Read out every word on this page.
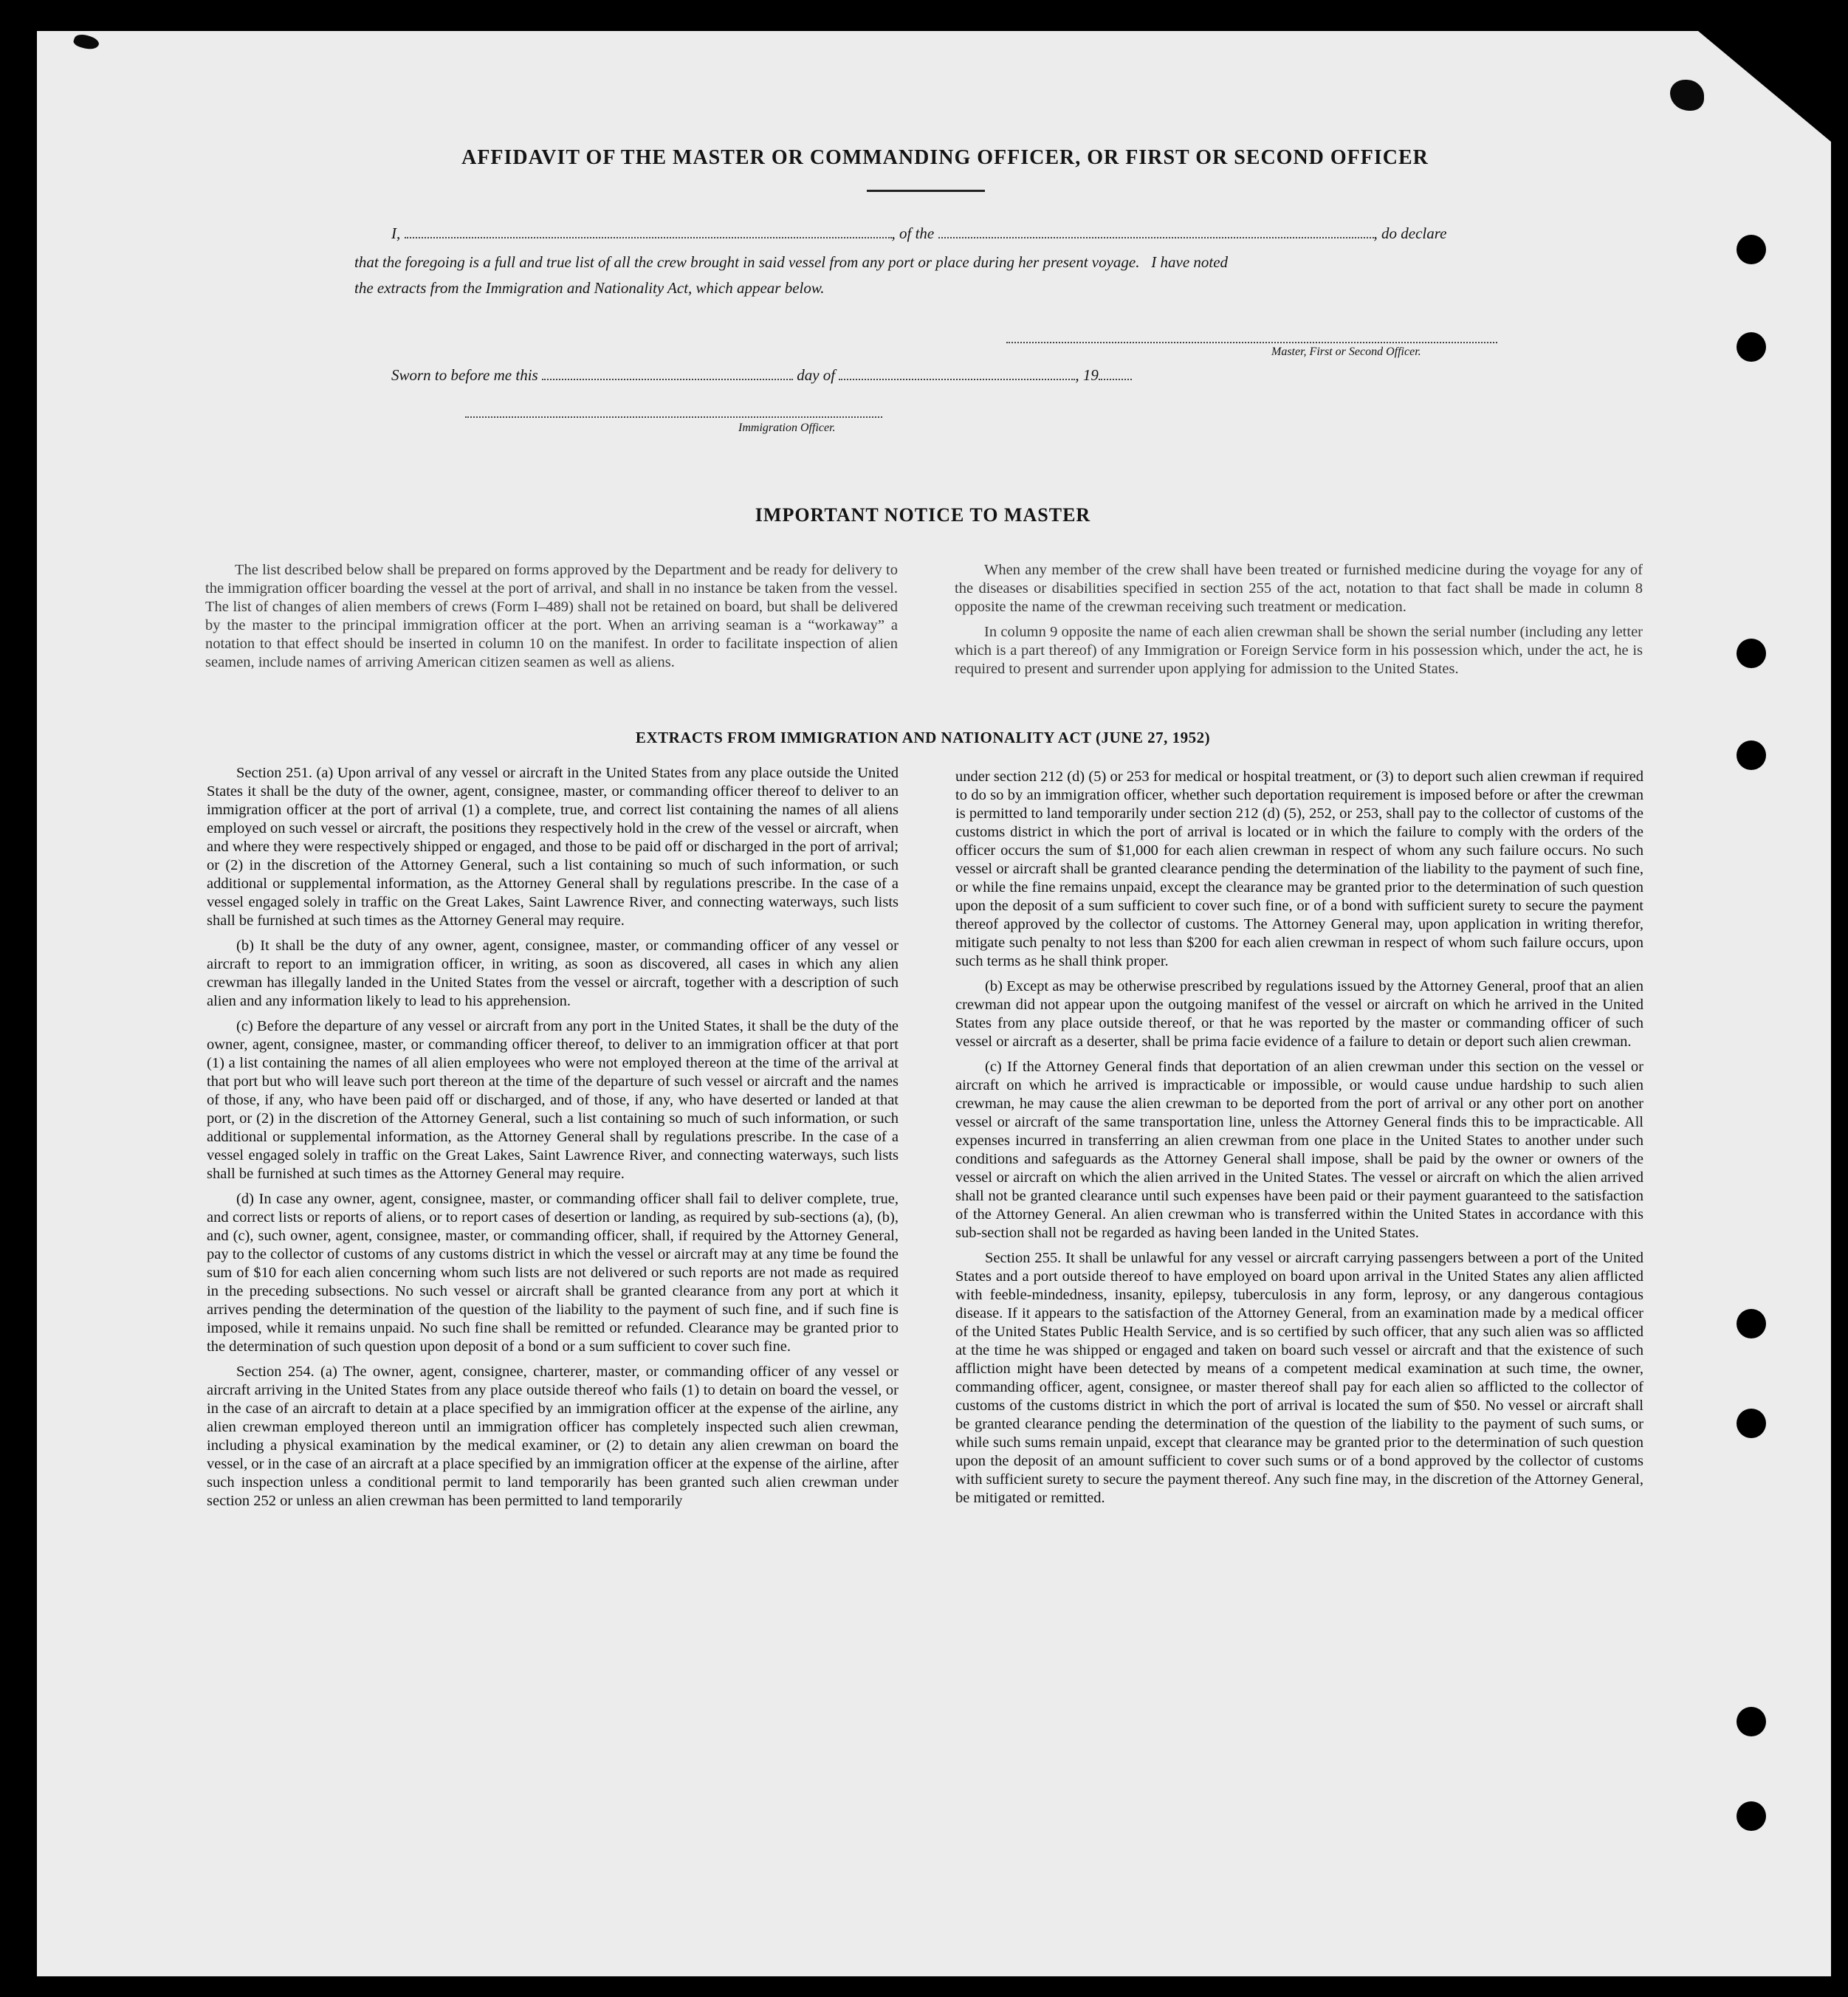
AFFIDAVIT OF THE MASTER OR COMMANDING OFFICER, OR FIRST OR SECOND OFFICER
I,	, of the	, do declare
that the foregoing is a full and true list of all the crew brought in said vessel from any port or place during her present voyage.   I have noted
the extracts from the Immigration and Nationality Act, which appear below.
Master, First or Second Officer.
Sworn to before me this	day of	, 19
Immigration Officer.
IMPORTANT NOTICE TO MASTER

The list described below shall be prepared on forms approved by the Department and be ready for delivery to the immigration officer boarding the vessel at the port of arrival, and shall in no instance be taken from the vessel. The list of changes of alien members of crews (Form I–489) shall not be retained on board, but shall be delivered by the master to the principal immigration officer at the port. When an arriving seaman is a “workaway” a notation to that effect should be inserted in column 10 on the manifest. In order to facilitate inspection of alien seamen, include names of arriving American citizen seamen as well as aliens.

When any member of the crew shall have been treated or furnished medicine during the voyage for any of the diseases or disabilities specified in section 255 of the act, notation to that fact shall be made in column 8 opposite the name of the crewman receiving such treatment or medication.

In column 9 opposite the name of each alien crewman shall be shown the serial number (including any letter which is a part thereof) of any Immigration or Foreign Service form in his possession which, under the act, he is required to present and surrender upon applying for admission to the United States.

EXTRACTS FROM IMMIGRATION AND NATIONALITY ACT (JUNE 27, 1952)

Section 251. (a) Upon arrival of any vessel or aircraft in the United States from any place outside the United States it shall be the duty of the owner, agent, consignee, master, or commanding officer thereof to deliver to an immigration officer at the port of arrival (1) a complete, true, and correct list containing the names of all aliens employed on such vessel or aircraft, the positions they respectively hold in the crew of the vessel or aircraft, when and where they were respectively shipped or engaged, and those to be paid off or discharged in the port of arrival; or (2) in the discretion of the Attorney General, such a list containing so much of such information, or such additional or supplemental information, as the Attorney General shall by regulations prescribe. In the case of a vessel engaged solely in traffic on the Great Lakes, Saint Lawrence River, and connecting waterways, such lists shall be furnished at such times as the Attorney General may require.

(b) It shall be the duty of any owner, agent, consignee, master, or commanding officer of any vessel or aircraft to report to an immigration officer, in writing, as soon as discovered, all cases in which any alien crewman has illegally landed in the United States from the vessel or aircraft, together with a description of such alien and any information likely to lead to his apprehension.

(c) Before the departure of any vessel or aircraft from any port in the United States, it shall be the duty of the owner, agent, consignee, master, or commanding officer thereof, to deliver to an immigration officer at that port (1) a list containing the names of all alien employees who were not employed thereon at the time of the arrival at that port but who will leave such port thereon at the time of the departure of such vessel or aircraft and the names of those, if any, who have been paid off or discharged, and of those, if any, who have deserted or landed at that port, or (2) in the discretion of the Attorney General, such a list containing so much of such information, or such additional or supplemental information, as the Attorney General shall by regulations prescribe. In the case of a vessel engaged solely in traffic on the Great Lakes, Saint Lawrence River, and connecting waterways, such lists shall be furnished at such times as the Attorney General may require.

(d) In case any owner, agent, consignee, master, or commanding officer shall fail to deliver complete, true, and correct lists or reports of aliens, or to report cases of desertion or landing, as required by sub-sections (a), (b), and (c), such owner, agent, consignee, master, or commanding officer, shall, if required by the Attorney General, pay to the collector of customs of any customs district in which the vessel or aircraft may at any time be found the sum of $10 for each alien concerning whom such lists are not delivered or such reports are not made as required in the preceding subsections. No such vessel or aircraft shall be granted clearance from any port at which it arrives pending the determination of the question of the liability to the payment of such fine, and if such fine is imposed, while it remains unpaid. No such fine shall be remitted or refunded. Clearance may be granted prior to the determination of such question upon deposit of a bond or a sum sufficient to cover such fine.

Section 254. (a) The owner, agent, consignee, charterer, master, or commanding officer of any vessel or aircraft arriving in the United States from any place outside thereof who fails (1) to detain on board the vessel, or in the case of an aircraft to detain at a place specified by an immigration officer at the expense of the airline, any alien crewman employed thereon until an immigration officer has completely inspected such alien crewman, including a physical examination by the medical examiner, or (2) to detain any alien crewman on board the vessel, or in the case of an aircraft at a place specified by an immigration officer at the expense of the airline, after such inspection unless a conditional permit to land temporarily has been granted such alien crewman under section 252 or unless an alien crewman has been permitted to land temporarily

under section 212 (d) (5) or 253 for medical or hospital treatment, or (3) to deport such alien crewman if required to do so by an immigration officer, whether such deportation requirement is imposed before or after the crewman is permitted to land temporarily under section 212 (d) (5), 252, or 253, shall pay to the collector of customs of the customs district in which the port of arrival is located or in which the failure to comply with the orders of the officer occurs the sum of $1,000 for each alien crewman in respect of whom any such failure occurs. No such vessel or aircraft shall be granted clearance pending the determination of the liability to the payment of such fine, or while the fine remains unpaid, except the clearance may be granted prior to the determination of such question upon the deposit of a sum sufficient to cover such fine, or of a bond with sufficient surety to secure the payment thereof approved by the collector of customs. The Attorney General may, upon application in writing therefor, mitigate such penalty to not less than $200 for each alien crewman in respect of whom such failure occurs, upon such terms as he shall think proper.

(b) Except as may be otherwise prescribed by regulations issued by the Attorney General, proof that an alien crewman did not appear upon the outgoing manifest of the vessel or aircraft on which he arrived in the United States from any place outside thereof, or that he was reported by the master or commanding officer of such vessel or aircraft as a deserter, shall be prima facie evidence of a failure to detain or deport such alien crewman.

(c) If the Attorney General finds that deportation of an alien crewman under this section on the vessel or aircraft on which he arrived is impracticable or impossible, or would cause undue hardship to such alien crewman, he may cause the alien crewman to be deported from the port of arrival or any other port on another vessel or aircraft of the same transportation line, unless the Attorney General finds this to be impracticable. All expenses incurred in transferring an alien crewman from one place in the United States to another under such conditions and safeguards as the Attorney General shall impose, shall be paid by the owner or owners of the vessel or aircraft on which the alien arrived in the United States. The vessel or aircraft on which the alien arrived shall not be granted clearance until such expenses have been paid or their payment guaranteed to the satisfaction of the Attorney General. An alien crewman who is transferred within the United States in accordance with this sub-section shall not be regarded as having been landed in the United States.

Section 255. It shall be unlawful for any vessel or aircraft carrying passengers between a port of the United States and a port outside thereof to have employed on board upon arrival in the United States any alien afflicted with feeble-mindedness, insanity, epilepsy, tuberculosis in any form, leprosy, or any dangerous contagious disease. If it appears to the satisfaction of the Attorney General, from an examination made by a medical officer of the United States Public Health Service, and is so certified by such officer, that any such alien was so afflicted at the time he was shipped or engaged and taken on board such vessel or aircraft and that the existence of such affliction might have been detected by means of a competent medical examination at such time, the owner, commanding officer, agent, consignee, or master thereof shall pay for each alien so afflicted to the collector of customs of the customs district in which the port of arrival is located the sum of $50. No vessel or aircraft shall be granted clearance pending the determination of the question of the liability to the payment of such sums, or while such sums remain unpaid, except that clearance may be granted prior to the determination of such question upon the deposit of an amount sufficient to cover such sums or of a bond approved by the collector of customs with sufficient surety to secure the payment thereof. Any such fine may, in the discretion of the Attorney General, be mitigated or remitted.
